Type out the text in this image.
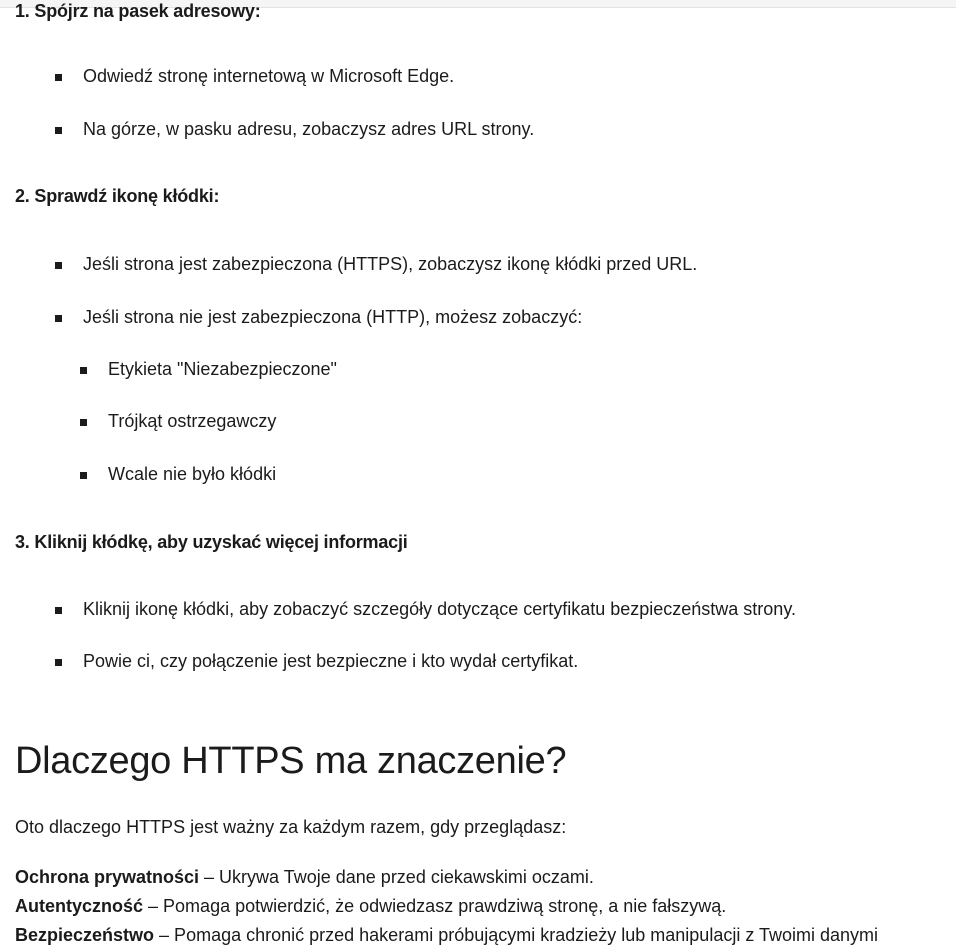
1. Spójrz na pasek adresowy:
Odwiedź stronę internetową w Microsoft Edge.
Na górze, w pasku adresu, zobaczysz adres URL strony.
2. Sprawdź ikonę kłódki:
Jeśli strona jest zabezpieczona (HTTPS), zobaczysz ikonę kłódki przed URL.
Jeśli strona nie jest zabezpieczona (HTTP), możesz zobaczyć:
Etykieta "Niezabezpieczone"
Trójkąt ostrzegawczy
Wcale nie było kłódki
3. Kliknij kłódkę, aby uzyskać więcej informacji
Kliknij ikonę kłódki, aby zobaczyć szczegóły dotyczące certyfikatu bezpieczeństwa strony.
Powie ci, czy połączenie jest bezpieczne i kto wydał certyfikat.
Dlaczego HTTPS ma znaczenie?
Oto dlaczego HTTPS jest ważny za każdym razem, gdy przeglądasz:
Ochrona prywatności – Ukrywa Twoje dane przed ciekawskimi oczami.
Autentyczność – Pomaga potwierdzić, że odwiedzasz prawdziwą stronę, a nie fałszywą.
Bezpieczeństwo – Pomaga chronić przed hakerami próbującymi kradzieży lub manipulacji z Twoimi danymi
